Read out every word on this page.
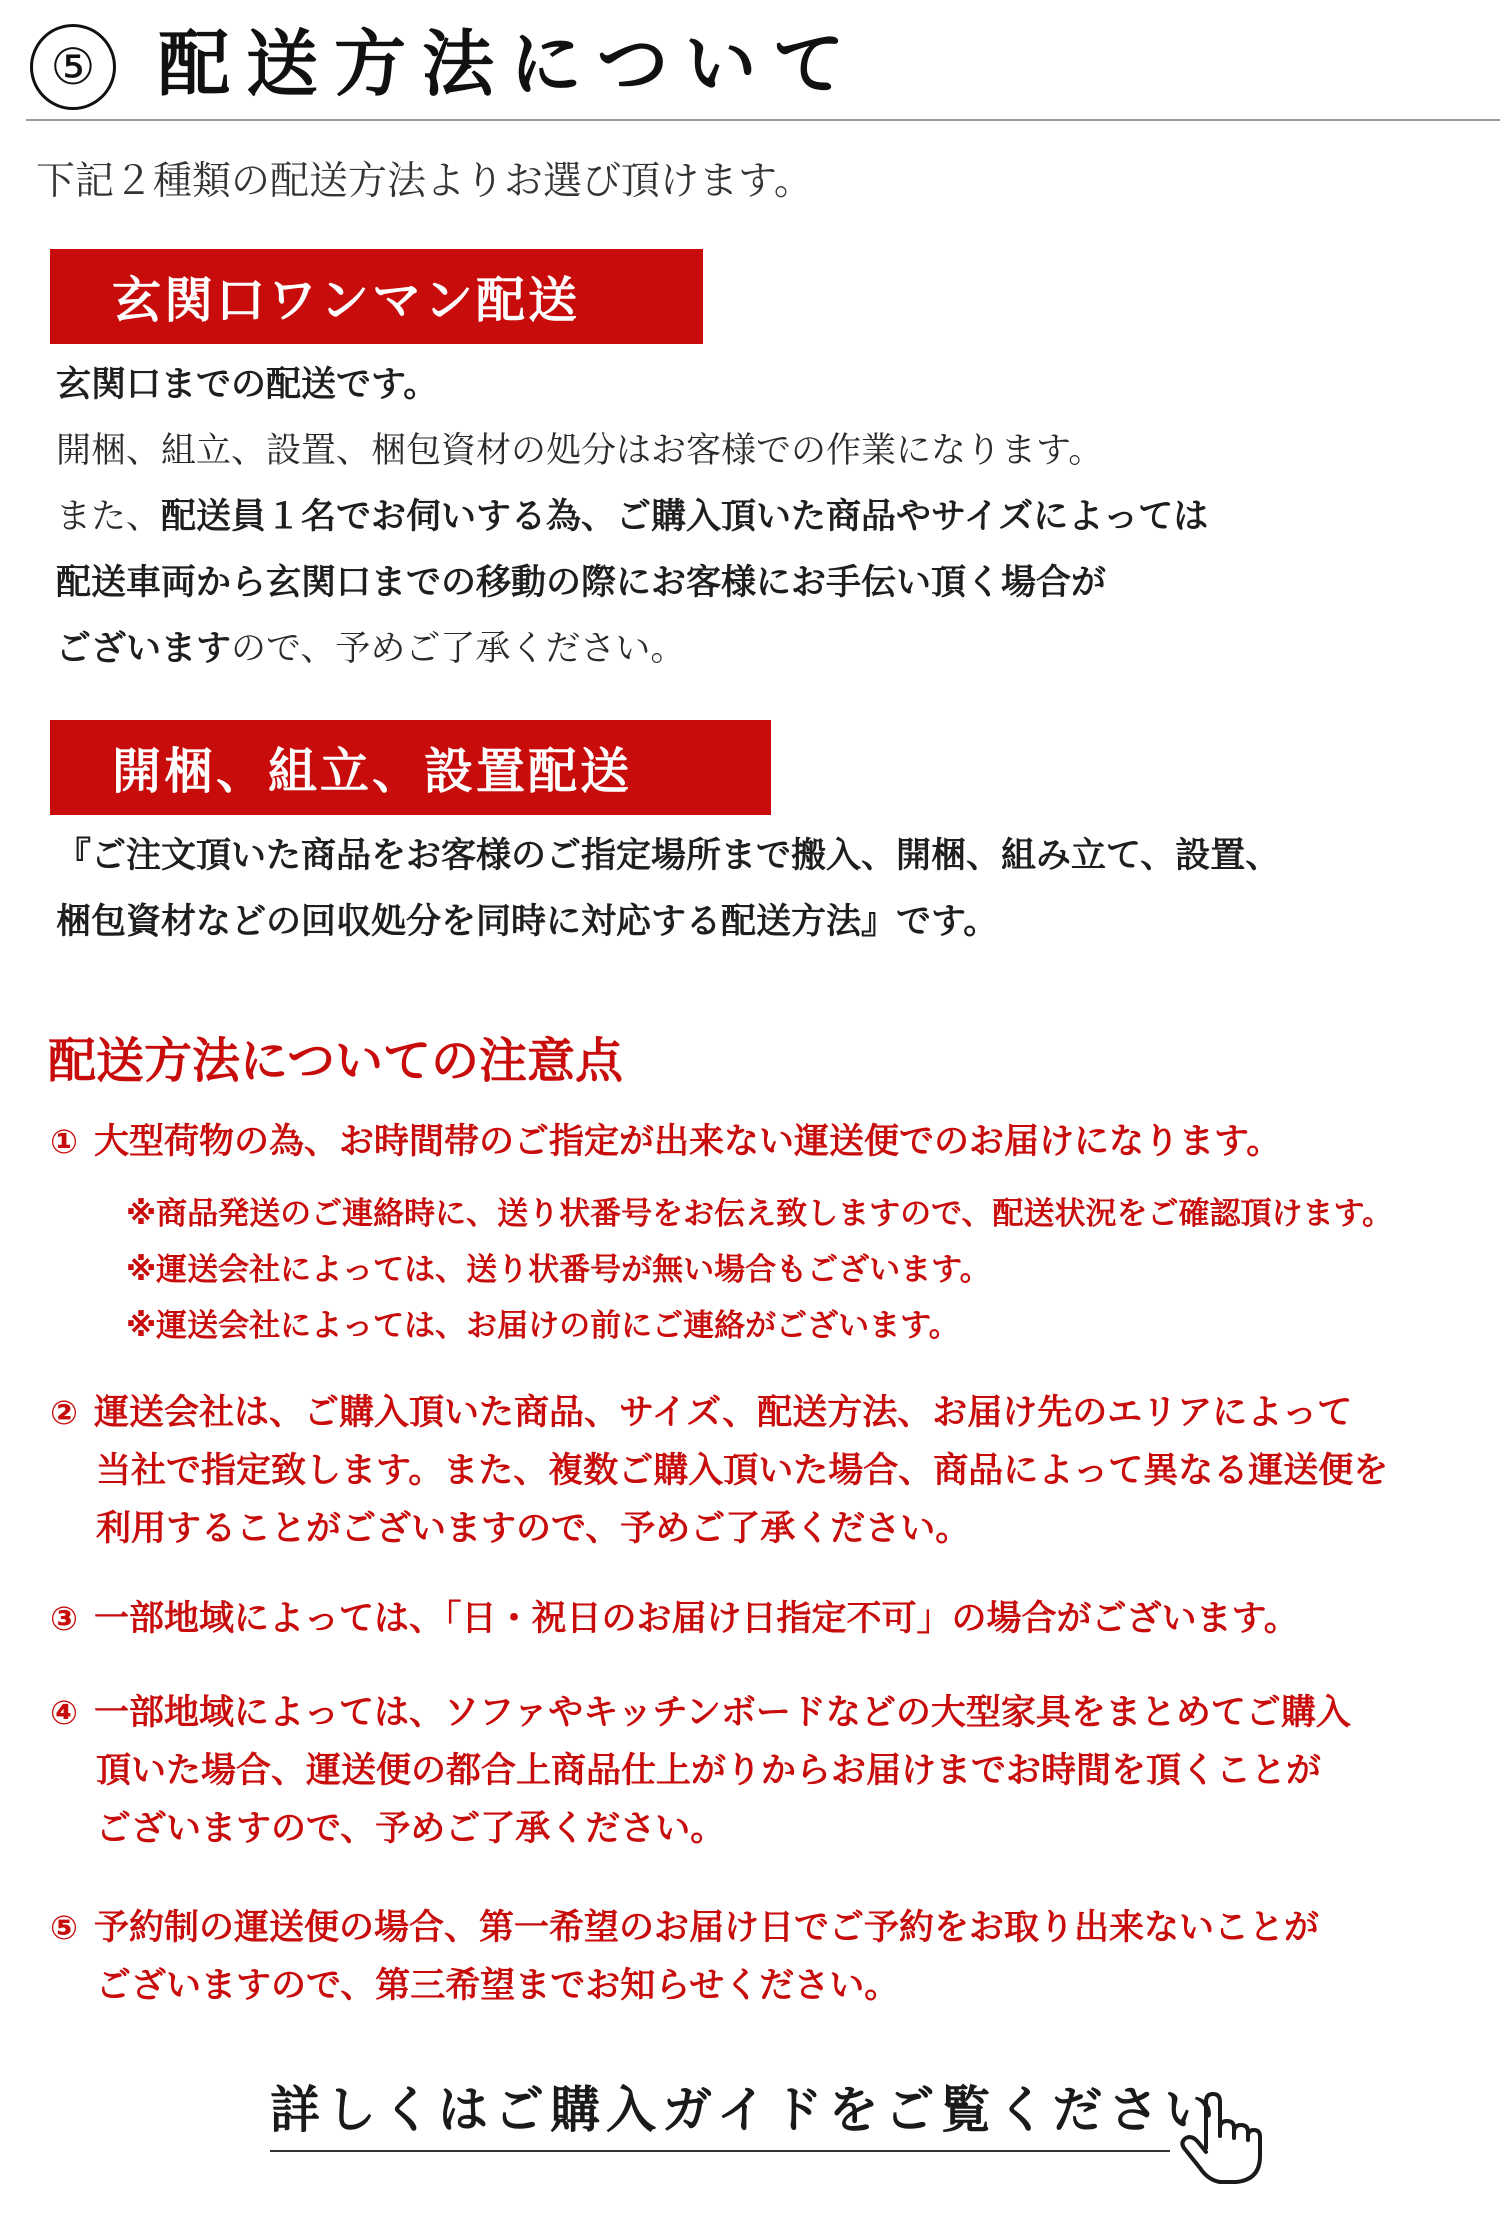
⑤ 配送方法について
下記２種類の配送方法よりお選び頂けます。
玄関口ワンマン配送
玄関口までの配送です。
開梱、組立、設置、梱包資材の処分はお客様での作業になります。
また、配送員１名でお伺いする為、ご購入頂いた商品やサイズによっては
配送車両から玄関口までの移動の際にお客様にお手伝い頂く場合が
ございますので、予めご了承ください。
開梱、組立、設置配送
『ご注文頂いた商品をお客様のご指定場所まで搬入、開梱、組み立て、設置、
梱包資材などの回収処分を同時に対応する配送方法』です。
配送方法についての注意点
① 大型荷物の為、お時間帯のご指定が出来ない運送便でのお届けになります。
※商品発送のご連絡時に、送り状番号をお伝え致しますので、配送状況をご確認頂けます。
※運送会社によっては、送り状番号が無い場合もございます。
※運送会社によっては、お届けの前にご連絡がございます。
② 運送会社は、ご購入頂いた商品、サイズ、配送方法、お届け先のエリアによって
当社で指定致します。また、複数ご購入頂いた場合、商品によって異なる運送便を
利用することがございますので、予めご了承ください。
③ 一部地域によっては、「日・祝日のお届け日指定不可」の場合がございます。
④ 一部地域によっては、ソファやキッチンボードなどの大型家具をまとめてご購入
頂いた場合、運送便の都合上商品仕上がりからお届けまでお時間を頂くことが
ございますので、予めご了承ください。
⑤ 予約制の運送便の場合、第一希望のお届け日でご予約をお取り出来ないことが
ございますので、第三希望までお知らせください。
詳しくはご購入ガイドをご覧ください
